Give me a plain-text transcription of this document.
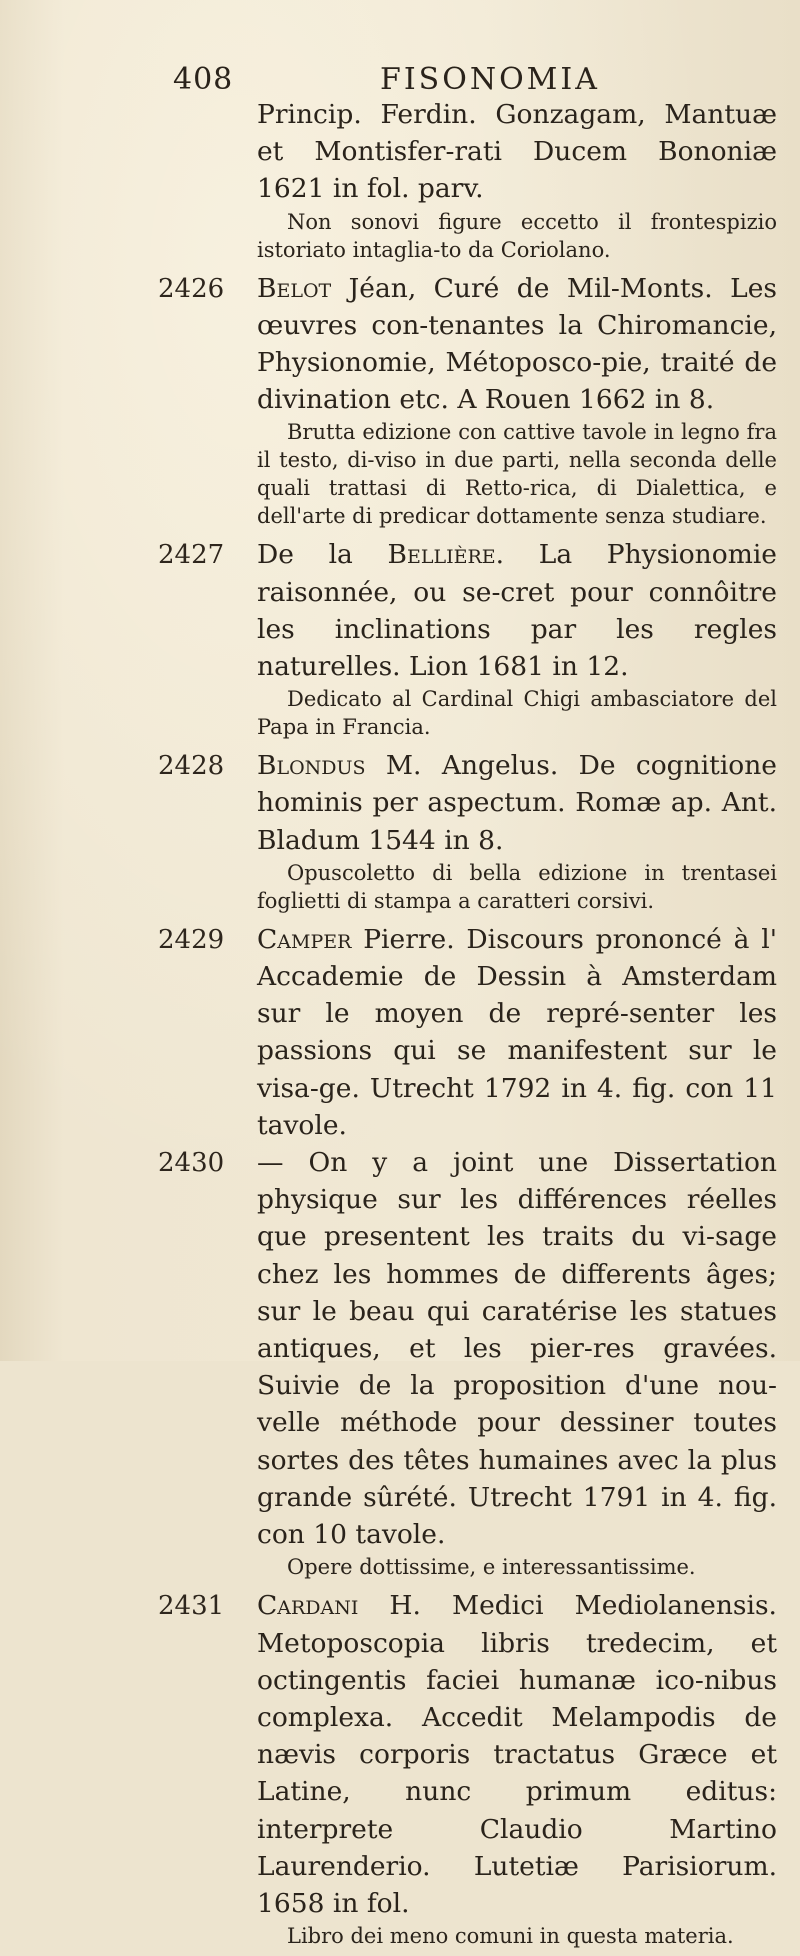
408	FISONOMIA
Princip. Ferdin. Gonzagam, Mantuæ et Montisfer-rati Ducem Bononiæ 1621 in fol. parv.
Non sonovi figure eccetto il frontespizio istoriato intaglia-to da Coriolano.
2426 Belot Jéan, Curé de Mil-Monts. Les œuvres con-tenantes la Chiromancie, Physionomie, Métoposco-pie, traité de divination etc. A Rouen 1662 in 8.
Brutta edizione con cattive tavole in legno fra il testo, di-viso in due parti, nella seconda delle quali trattasi di Retto-rica, di Dialettica, e dell'arte di predicar dottamente senza studiare.
2427 De la Bellière. La Physionomie raisonnée, ou se-cret pour connôitre les inclinations par les regles naturelles. Lion 1681 in 12.
Dedicato al Cardinal Chigi ambasciatore del Papa in Francia.
2428 Blondus M. Angelus. De cognitione hominis per aspectum. Romæ ap. Ant. Bladum 1544 in 8.
Opuscoletto di bella edizione in trentasei foglietti di stampa a caratteri corsivi.
2429 Camper Pierre. Discours prononcé à l' Accademie de Dessin à Amsterdam sur le moyen de repré-senter les passions qui se manifestent sur le visa-ge. Utrecht 1792 in 4. fig. con 11 tavole.
2430 — On y a joint une Dissertation physique sur les différences réelles que presentent les traits du vi-sage chez les hommes de differents âges; sur le beau qui caratérise les statues antiques, et les pier-res gravées. Suivie de la proposition d'une nou-velle méthode pour dessiner toutes sortes des têtes humaines avec la plus grande sûrété. Utrecht 1791 in 4. fig. con 10 tavole.
Opere dottissime, e interessantissime.
2431 Cardani H. Medici Mediolanensis. Metoposcopia libris tredecim, et octingentis faciei humanæ ico-nibus complexa. Accedit Melampodis de nævis corporis tractatus Græce et Latine, nunc primum editus: interprete Claudio Martino Laurenderio. Lutetiæ Parisiorum. 1658 in fol.
Libro dei meno comuni in questa materia.
